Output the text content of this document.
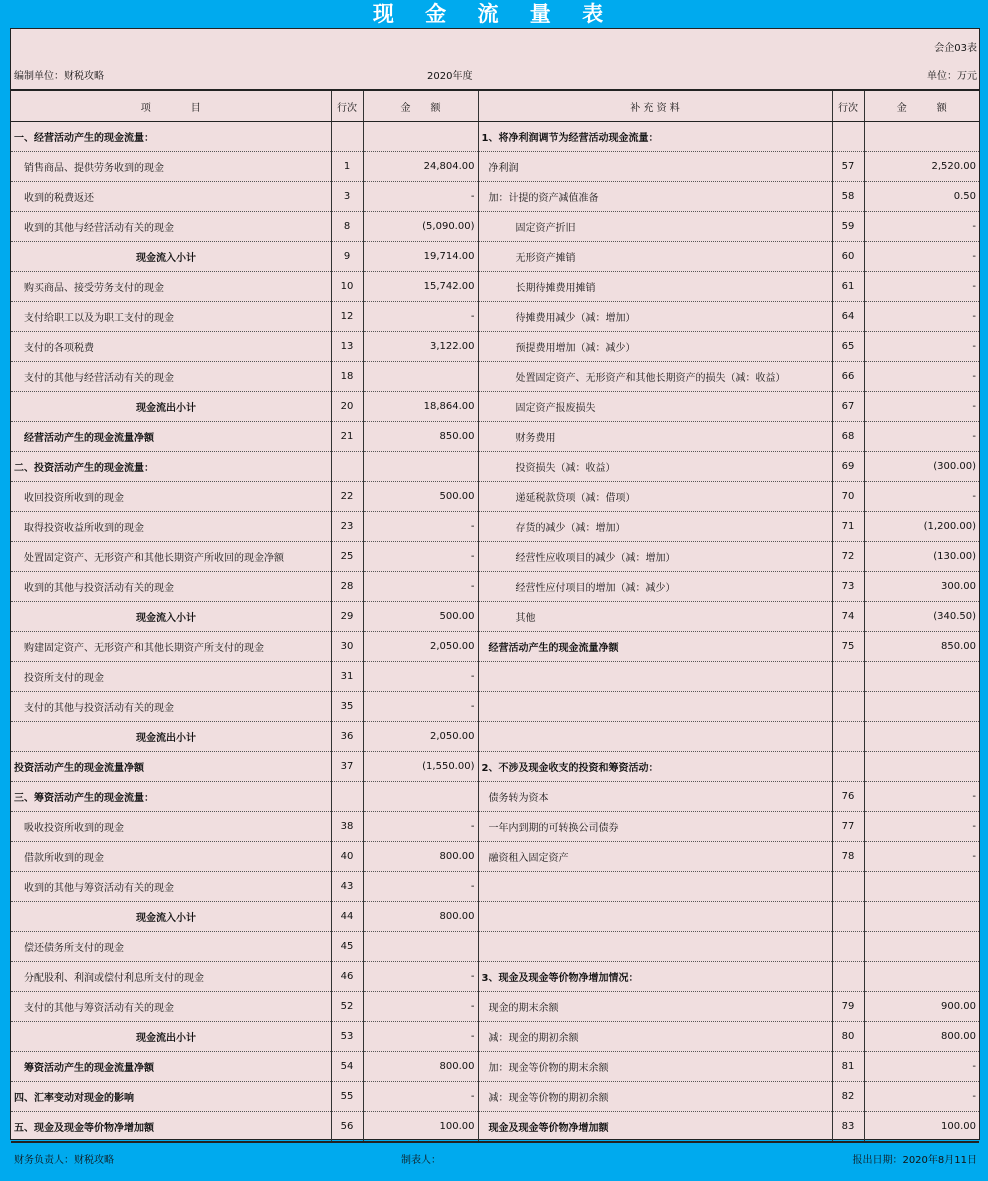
现 金 流 量 表
会企03表
编制单位：财税攻略	2020年度	单位：万元
项　　　　目	行次	金　　额	补 充 资 料	行次	金　　　额
一、经营活动产生的现金流量：			1、将净利润调节为经营活动现金流量：		
销售商品、提供劳务收到的现金	1	24,804.00	净利润	57	2,520.00
收到的税费返还	3	-	加：计提的资产减值准备	58	0.50
收到的其他与经营活动有关的现金	8	(5,090.00)	固定资产折旧	59	-
现金流入小计	9	19,714.00	无形资产摊销	60	-
购买商品、接受劳务支付的现金	10	15,742.00	长期待摊费用摊销	61	-
支付给职工以及为职工支付的现金	12	-	待摊费用减少（减：增加）	64	-
支付的各项税费	13	3,122.00	预提费用增加（减：减少）	65	-
支付的其他与经营活动有关的现金	18		处置固定资产、无形资产和其他长期资产的损失（减：收益）	66	-
现金流出小计	20	18,864.00	固定资产报废损失	67	-
经营活动产生的现金流量净额	21	850.00	财务费用	68	-
二、投资活动产生的现金流量：			投资损失（减：收益）	69	(300.00)
收回投资所收到的现金	22	500.00	递延税款贷项（减：借项）	70	-
取得投资收益所收到的现金	23	-	存货的减少（减：增加）	71	(1,200.00)
处置固定资产、无形资产和其他长期资产所收回的现金净额	25	-	经营性应收项目的减少（减：增加）	72	(130.00)
收到的其他与投资活动有关的现金	28	-	经营性应付项目的增加（减：减少）	73	300.00
现金流入小计	29	500.00	其他	74	(340.50)
购建固定资产、无形资产和其他长期资产所支付的现金	30	2,050.00	经营活动产生的现金流量净额	75	850.00
投资所支付的现金	31	-			
支付的其他与投资活动有关的现金	35	-			
现金流出小计	36	2,050.00			
投资活动产生的现金流量净额	37	(1,550.00)	2、不涉及现金收支的投资和筹资活动：		
三、筹资活动产生的现金流量：			债务转为资本	76	-
吸收投资所收到的现金	38	-	一年内到期的可转换公司债券	77	-
借款所收到的现金	40	800.00	融资租入固定资产	78	-
收到的其他与筹资活动有关的现金	43	-			
现金流入小计	44	800.00			
偿还债务所支付的现金	45				
分配股利、利润或偿付利息所支付的现金	46	-	3、现金及现金等价物净增加情况：		
支付的其他与筹资活动有关的现金	52	-	现金的期末余额	79	900.00
现金流出小计	53	-	减：现金的期初余额	80	800.00
筹资活动产生的现金流量净额	54	800.00	加：现金等价物的期末余额	81	-
四、汇率变动对现金的影响	55	-	减：现金等价物的期初余额	82	-
五、现金及现金等价物净增加额	56	100.00	现金及现金等价物净增加额	83	100.00
财务负责人：财税攻略	制表人：	报出日期：2020年8月11日
